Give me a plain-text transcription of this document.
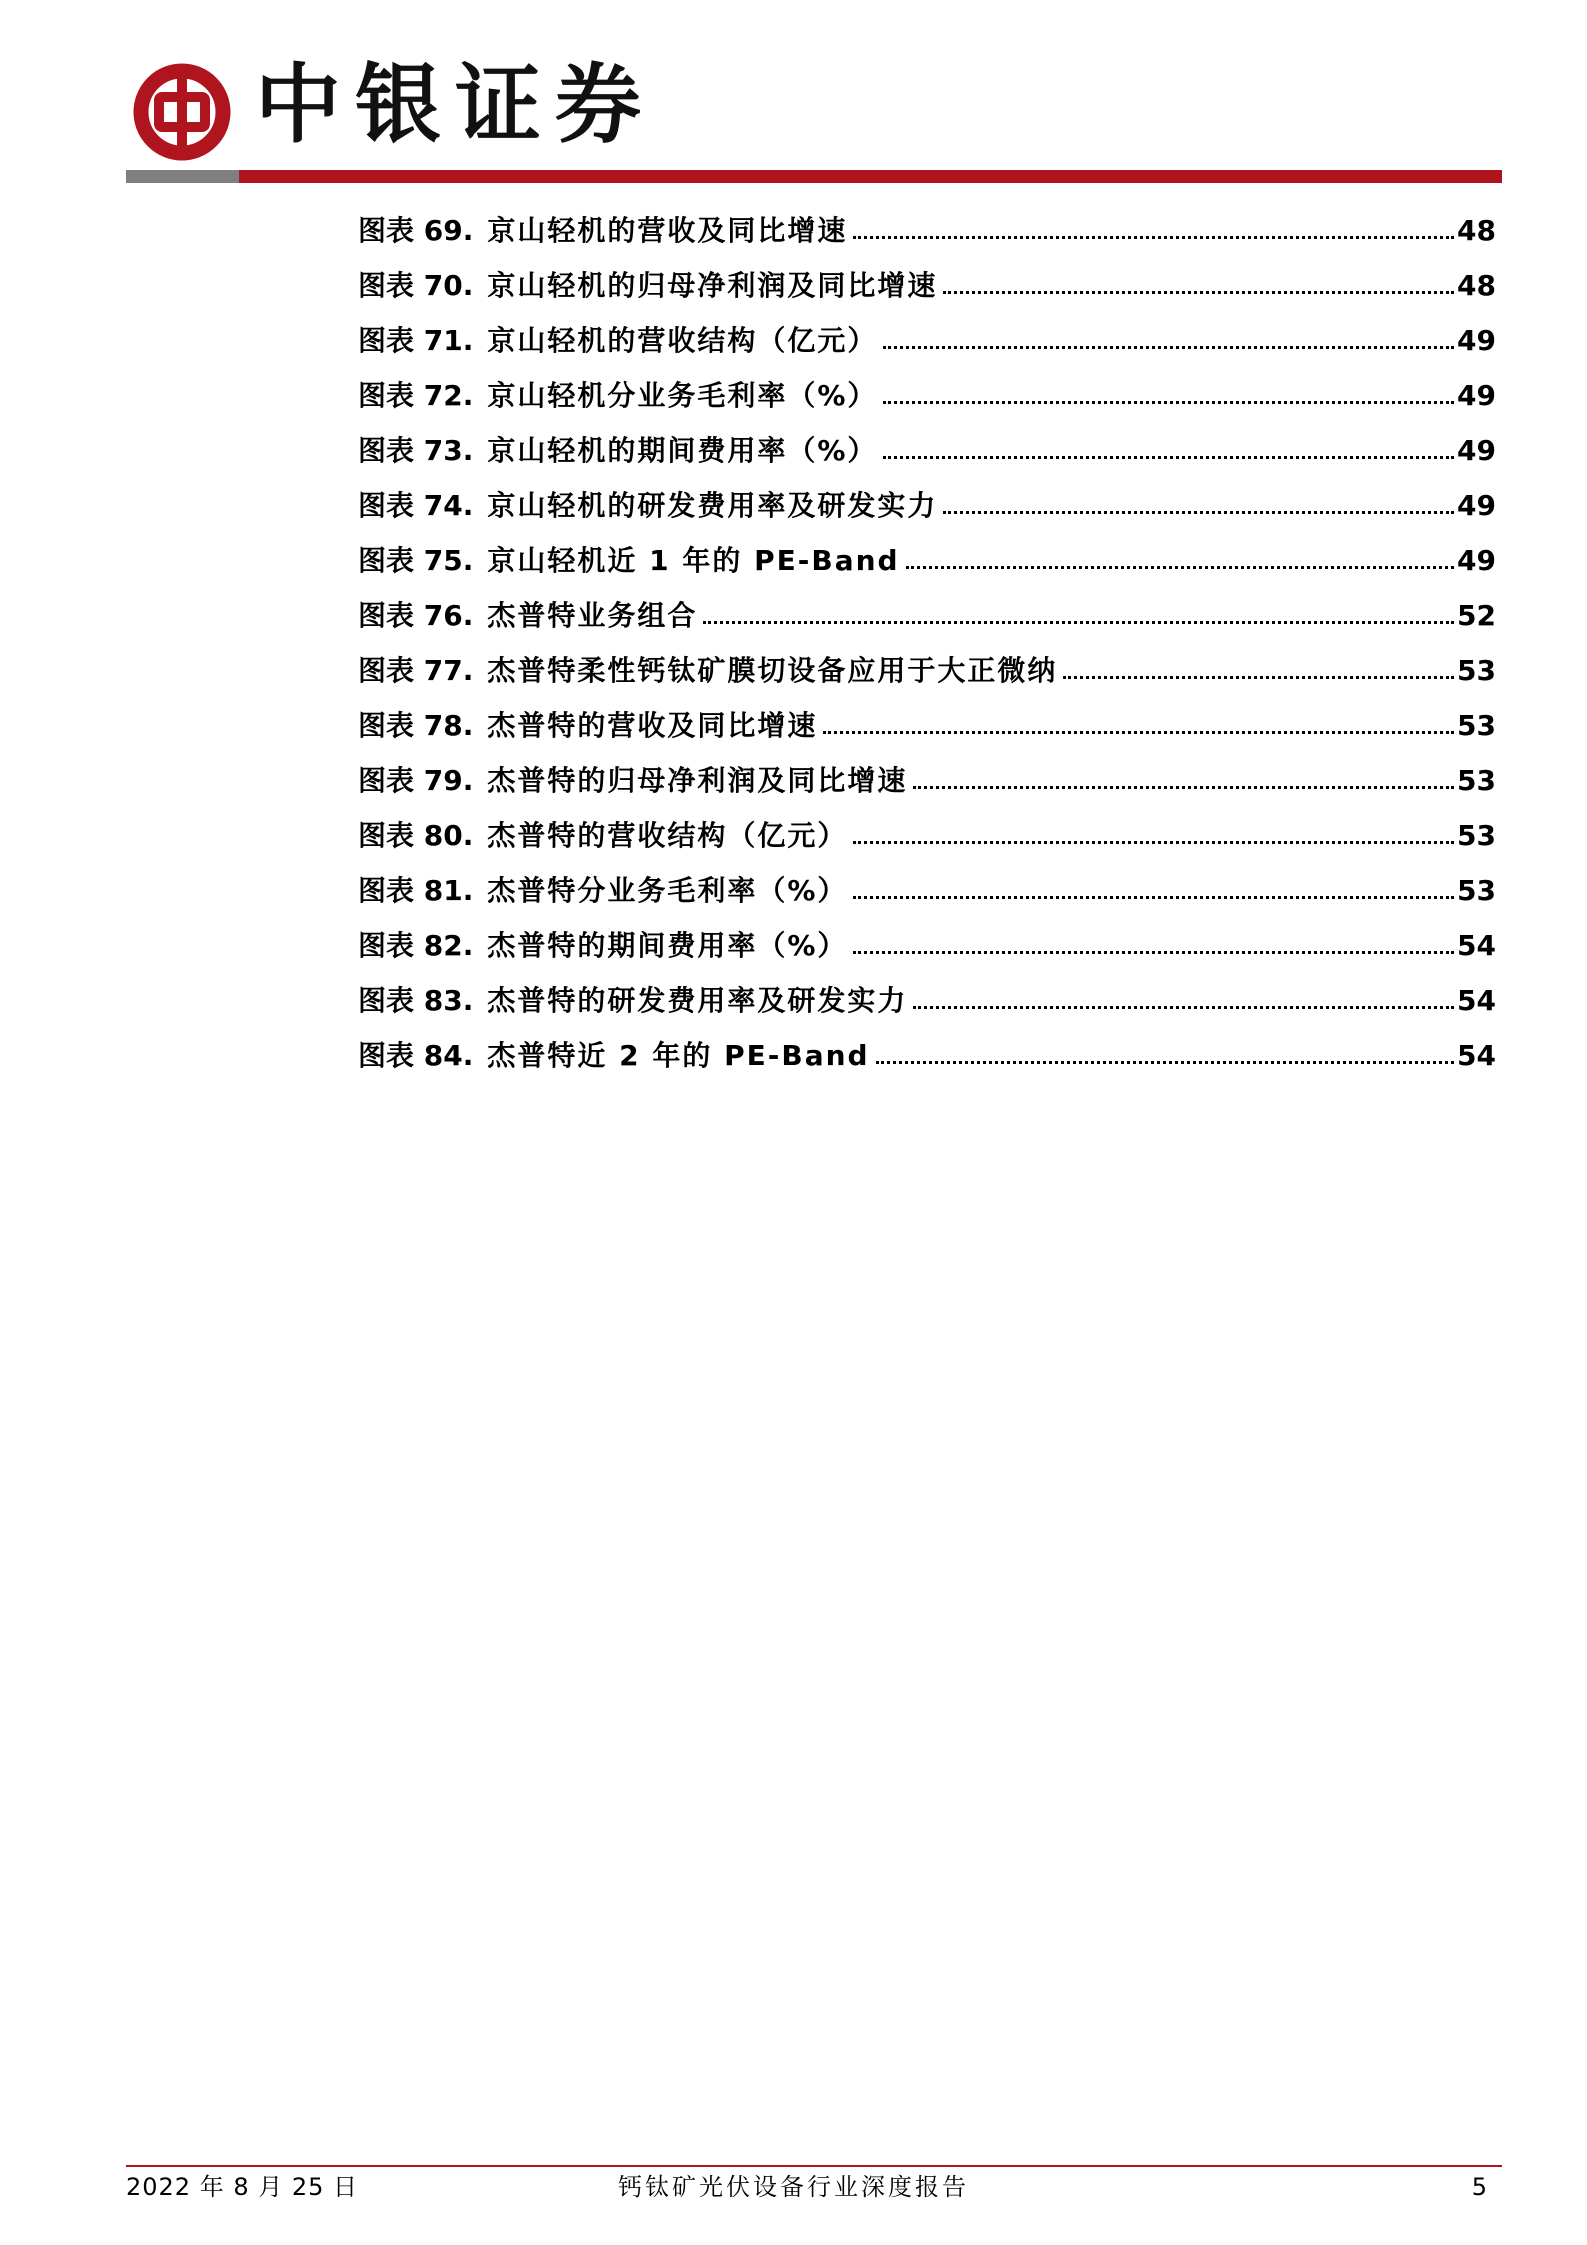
中银证券
图表 69. 京山轻机的营收及同比增速	48
图表 70. 京山轻机的归母净利润及同比增速	48
图表 71. 京山轻机的营收结构（亿元）	49
图表 72. 京山轻机分业务毛利率（%）	49
图表 73. 京山轻机的期间费用率（%）	49
图表 74. 京山轻机的研发费用率及研发实力	49
图表 75. 京山轻机近 1 年的 PE-Band	49
图表 76. 杰普特业务组合	52
图表 77. 杰普特柔性钙钛矿膜切设备应用于大正微纳	53
图表 78. 杰普特的营收及同比增速	53
图表 79. 杰普特的归母净利润及同比增速	53
图表 80. 杰普特的营收结构（亿元）	53
图表 81. 杰普特分业务毛利率（%）	53
图表 82. 杰普特的期间费用率（%）	54
图表 83. 杰普特的研发费用率及研发实力	54
图表 84. 杰普特近 2 年的 PE-Band	54
2022 年 8 月 25 日	钙钛矿光伏设备行业深度报告	5
